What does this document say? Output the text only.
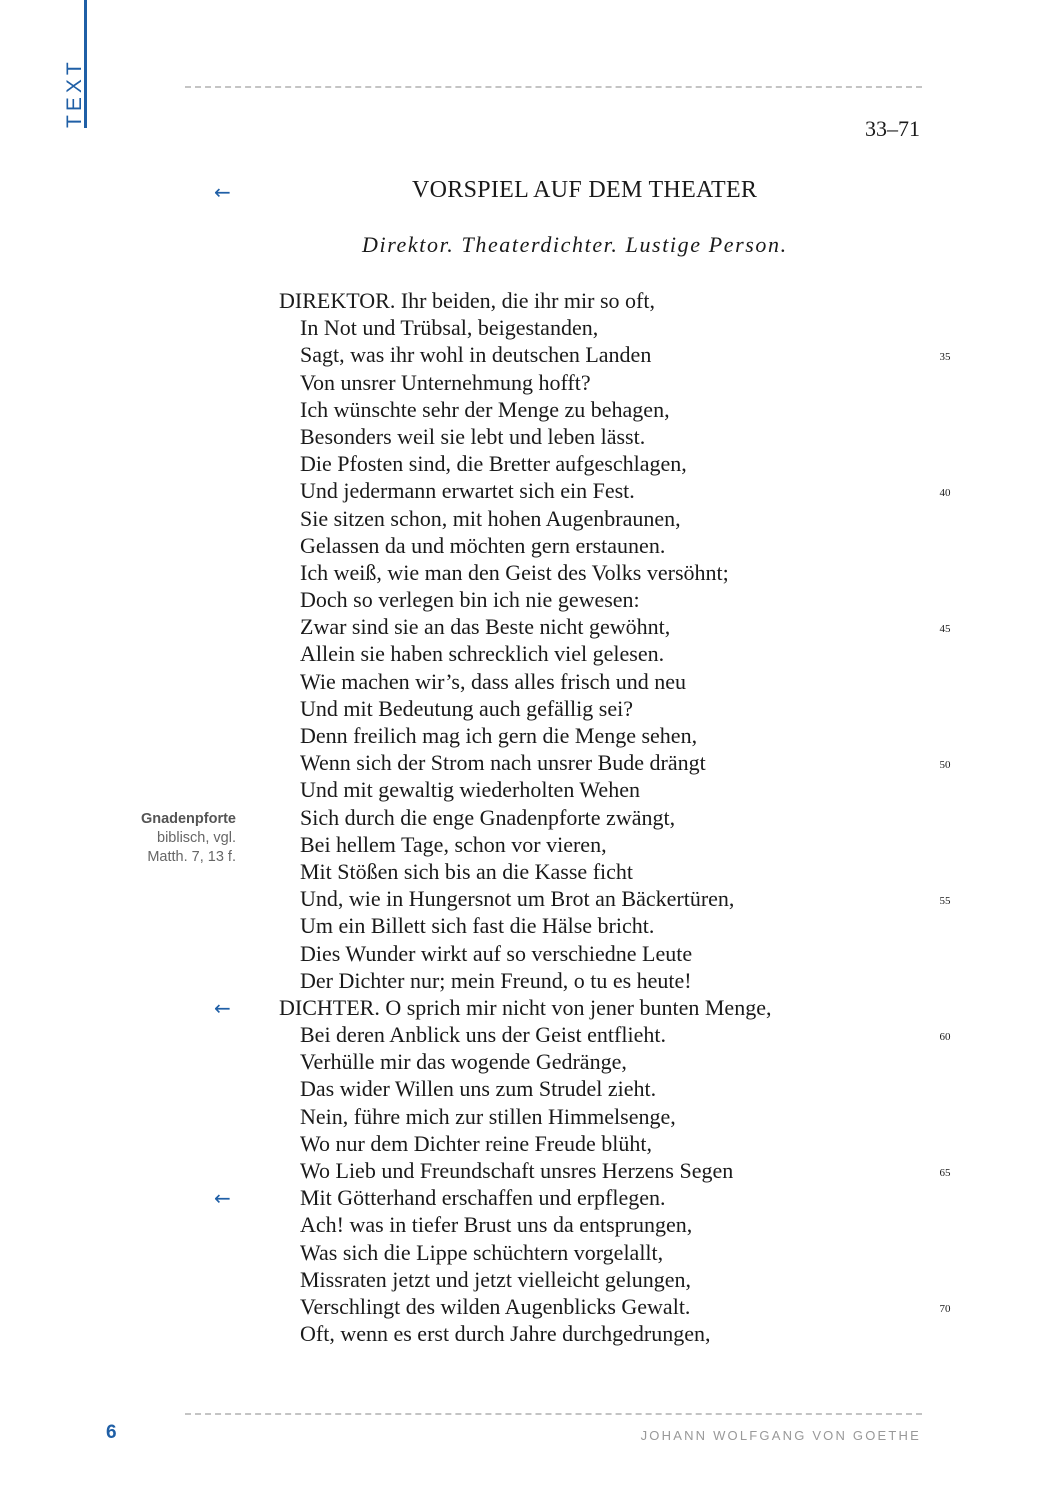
TEXT
33–71
←	VORSPIEL AUF DEM THEATER
Direktor. Theaterdichter. Lustige Person.
DIREKTOR. Ihr beiden, die ihr mir so oft,
In Not und Trübsal, beigestanden,
Sagt, was ihr wohl in deutschen Landen
Von unsrer Unternehmung hofft?
Ich wünschte sehr der Menge zu behagen,
Besonders weil sie lebt und leben lässt.
Die Pfosten sind, die Bretter aufgeschlagen,
Und jedermann erwartet sich ein Fest.
Sie sitzen schon, mit hohen Augenbraunen,
Gelassen da und möchten gern erstaunen.
Ich weiß, wie man den Geist des Volks versöhnt;
Doch so verlegen bin ich nie gewesen:
Zwar sind sie an das Beste nicht gewöhnt,
Allein sie haben schrecklich viel gelesen.
Wie machen wir’s, dass alles frisch und neu
Und mit Bedeutung auch gefällig sei?
Denn freilich mag ich gern die Menge sehen,
Wenn sich der Strom nach unsrer Bude drängt
Und mit gewaltig wiederholten Wehen
Sich durch die enge Gnadenpforte zwängt,
Bei hellem Tage, schon vor vieren,
Mit Stößen sich bis an die Kasse ficht
Und, wie in Hungersnot um Brot an Bäckertüren,
Um ein Billett sich fast die Hälse bricht.
Dies Wunder wirkt auf so verschiedne Leute
Der Dichter nur; mein Freund, o tu es heute!
DICHTER. O sprich mir nicht von jener bunten Menge,
Bei deren Anblick uns der Geist entflieht.
Verhülle mir das wogende Gedränge,
Das wider Willen uns zum Strudel zieht.
Nein, führe mich zur stillen Himmelsenge,
Wo nur dem Dichter reine Freude blüht,
Wo Lieb und Freundschaft unsres Herzens Segen
Mit Götterhand erschaffen und erpflegen.
Ach! was in tiefer Brust uns da entsprungen,
Was sich die Lippe schüchtern vorgelallt,
Missraten jetzt und jetzt vielleicht gelungen,
Verschlingt des wilden Augenblicks Gewalt.
Oft, wenn es erst durch Jahre durchgedrungen,
35
40
45
50
55
60
65
70
←
←
Gnadenpforte
biblisch, vgl.
Matth. 7, 13 f.
6	JOHANN WOLFGANG VON GOETHE
